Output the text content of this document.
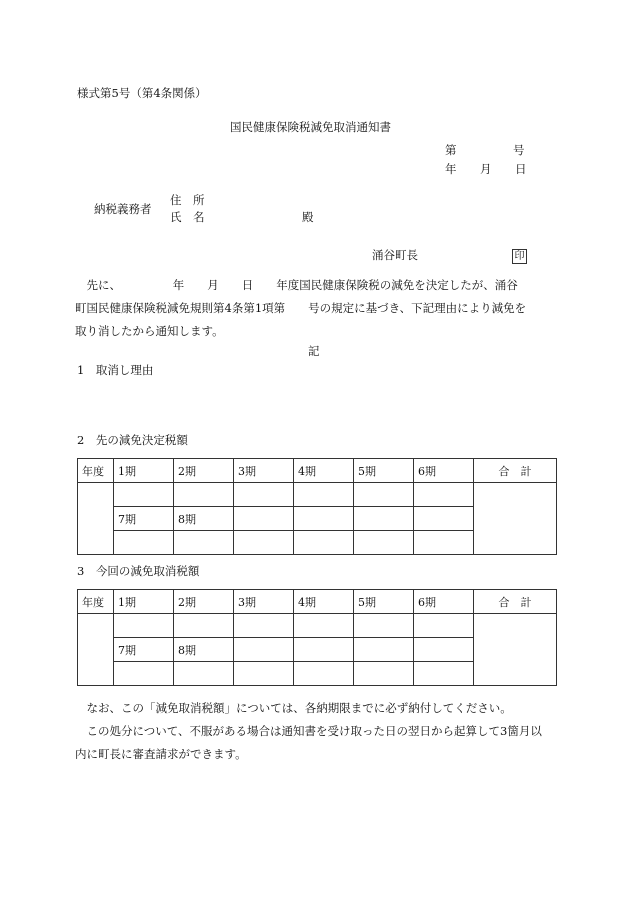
様式第5号（第4条関係）
国民健康保険税減免取消通知書
第	号
年 月 日
納税義務者
住　所
氏　名	殿
涌谷町長	印

先に、　　　　　年　　月　　日　　年度国民健康保険税の減免を決定したが、涌谷

町国民健康保険税減免規則第4条第1項第　　号の規定に基づき、下記理由により減免を

取り消したから通知します。

記
1　取消し理由
2　先の減免決定税額
年度	1期	2期	3期	4期	5期	6期	合　計

	7期	8期					

3　今回の減免取消税額
年度	1期	2期	3期	4期	5期	6期	合　計

	7期	8期					

なお、この「減免取消税額」については、各納期限までに必ず納付してください。

この処分について、不服がある場合は通知書を受け取った日の翌日から起算して3箇月以

内に町長に審査請求ができます。
